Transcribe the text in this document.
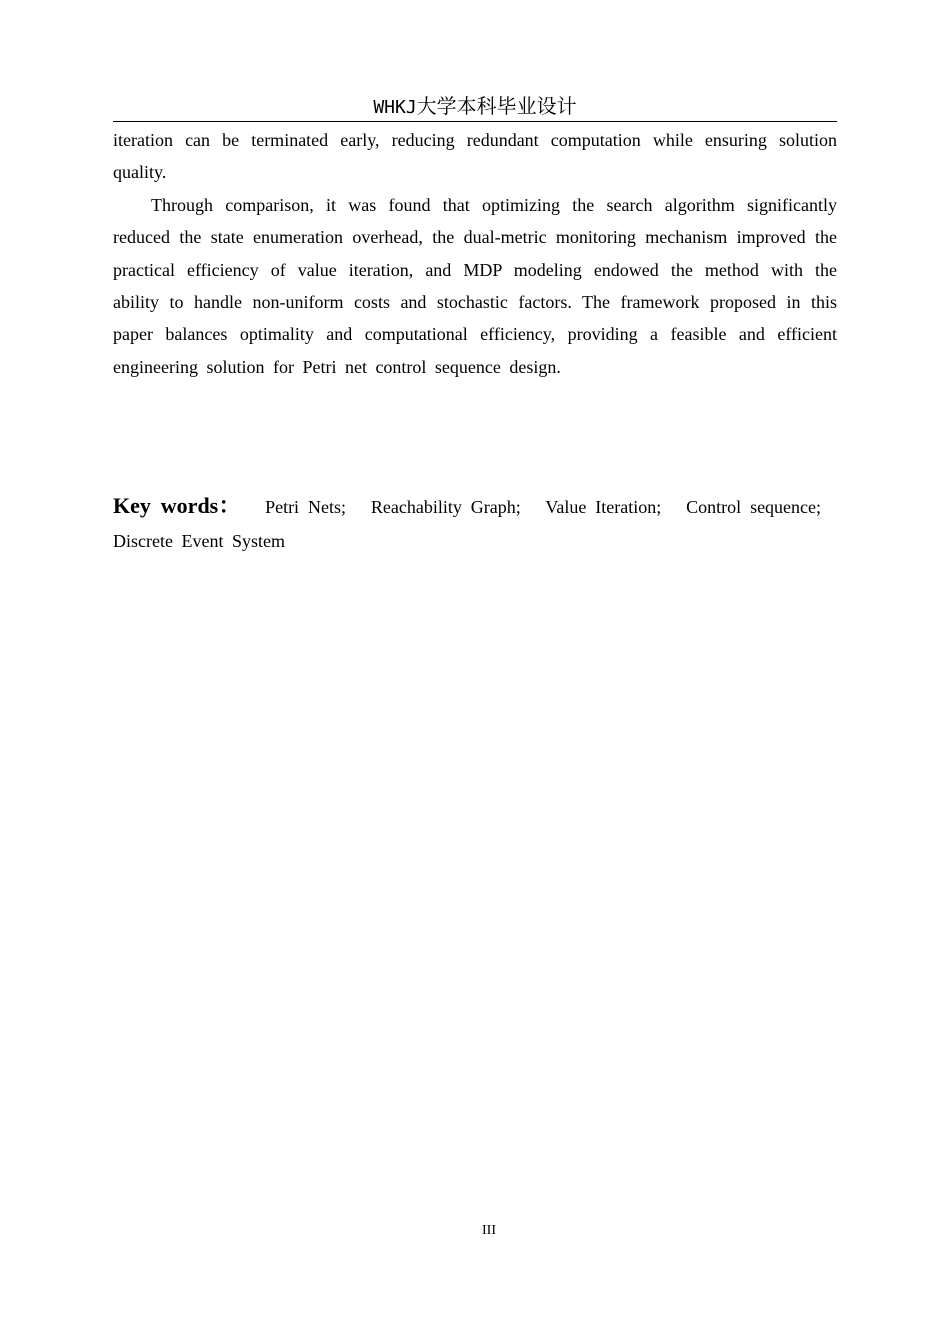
WHKJ大学本科毕业设计

iteration can be terminated early, reducing redundant computation while ensuring solution quality.

Through comparison, it was found that optimizing the search algorithm significantly reduced the state enumeration overhead, the dual-metric monitoring mechanism improved the practical efficiency of value iteration, and MDP modeling endowed the method with the ability to handle non-uniform costs and stochastic factors. The framework proposed in this paper balances optimality and computational efficiency, providing a feasible and efficient engineering solution for Petri net control sequence design.

Key words： Petri Nets; Reachability Graph; Value Iteration; Control sequence; Discrete Event System
III
